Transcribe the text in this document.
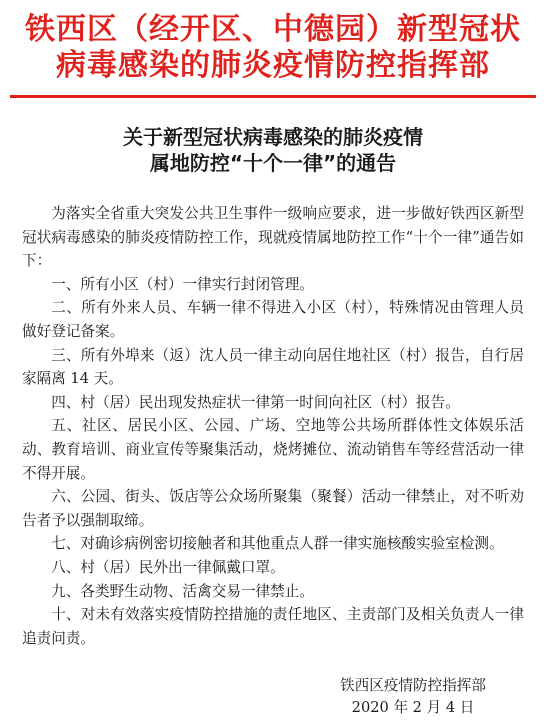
铁西区（经开区、中德园）新型冠状
病毒感染的肺炎疫情防控指挥部
关于新型冠状病毒感染的肺炎疫情
属地防控“十个一律”的通告

为落实全省重大突发公共卫生事件一级响应要求，进一步做好铁西区新型冠状病毒感染的肺炎疫情防控工作，现就疫情属地防控工作“十个一律”通告如下：

一、所有小区（村）一律实行封闭管理。

二、所有外来人员、车辆一律不得进入小区（村），特殊情况由管理人员做好登记备案。

三、所有外埠来（返）沈人员一律主动向居住地社区（村）报告，自行居家隔离 14 天。

四、村（居）民出现发热症状一律第一时间向社区（村）报告。

五、社区、居民小区、公园、广场、空地等公共场所群体性文体娱乐活动、教育培训、商业宣传等聚集活动，烧烤摊位、流动销售车等经营活动一律不得开展。

六、公园、街头、饭店等公众场所聚集（聚餐）活动一律禁止，对不听劝告者予以强制取缔。

七、对确诊病例密切接触者和其他重点人群一律实施核酸实验室检测。

八、村（居）民外出一律佩戴口罩。

九、各类野生动物、活禽交易一律禁止。

十、对未有效落实疫情防控措施的责任地区、主责部门及相关负责人一律追责问责。

铁西区疫情防控指挥部
2020 年 2 月 4 日
